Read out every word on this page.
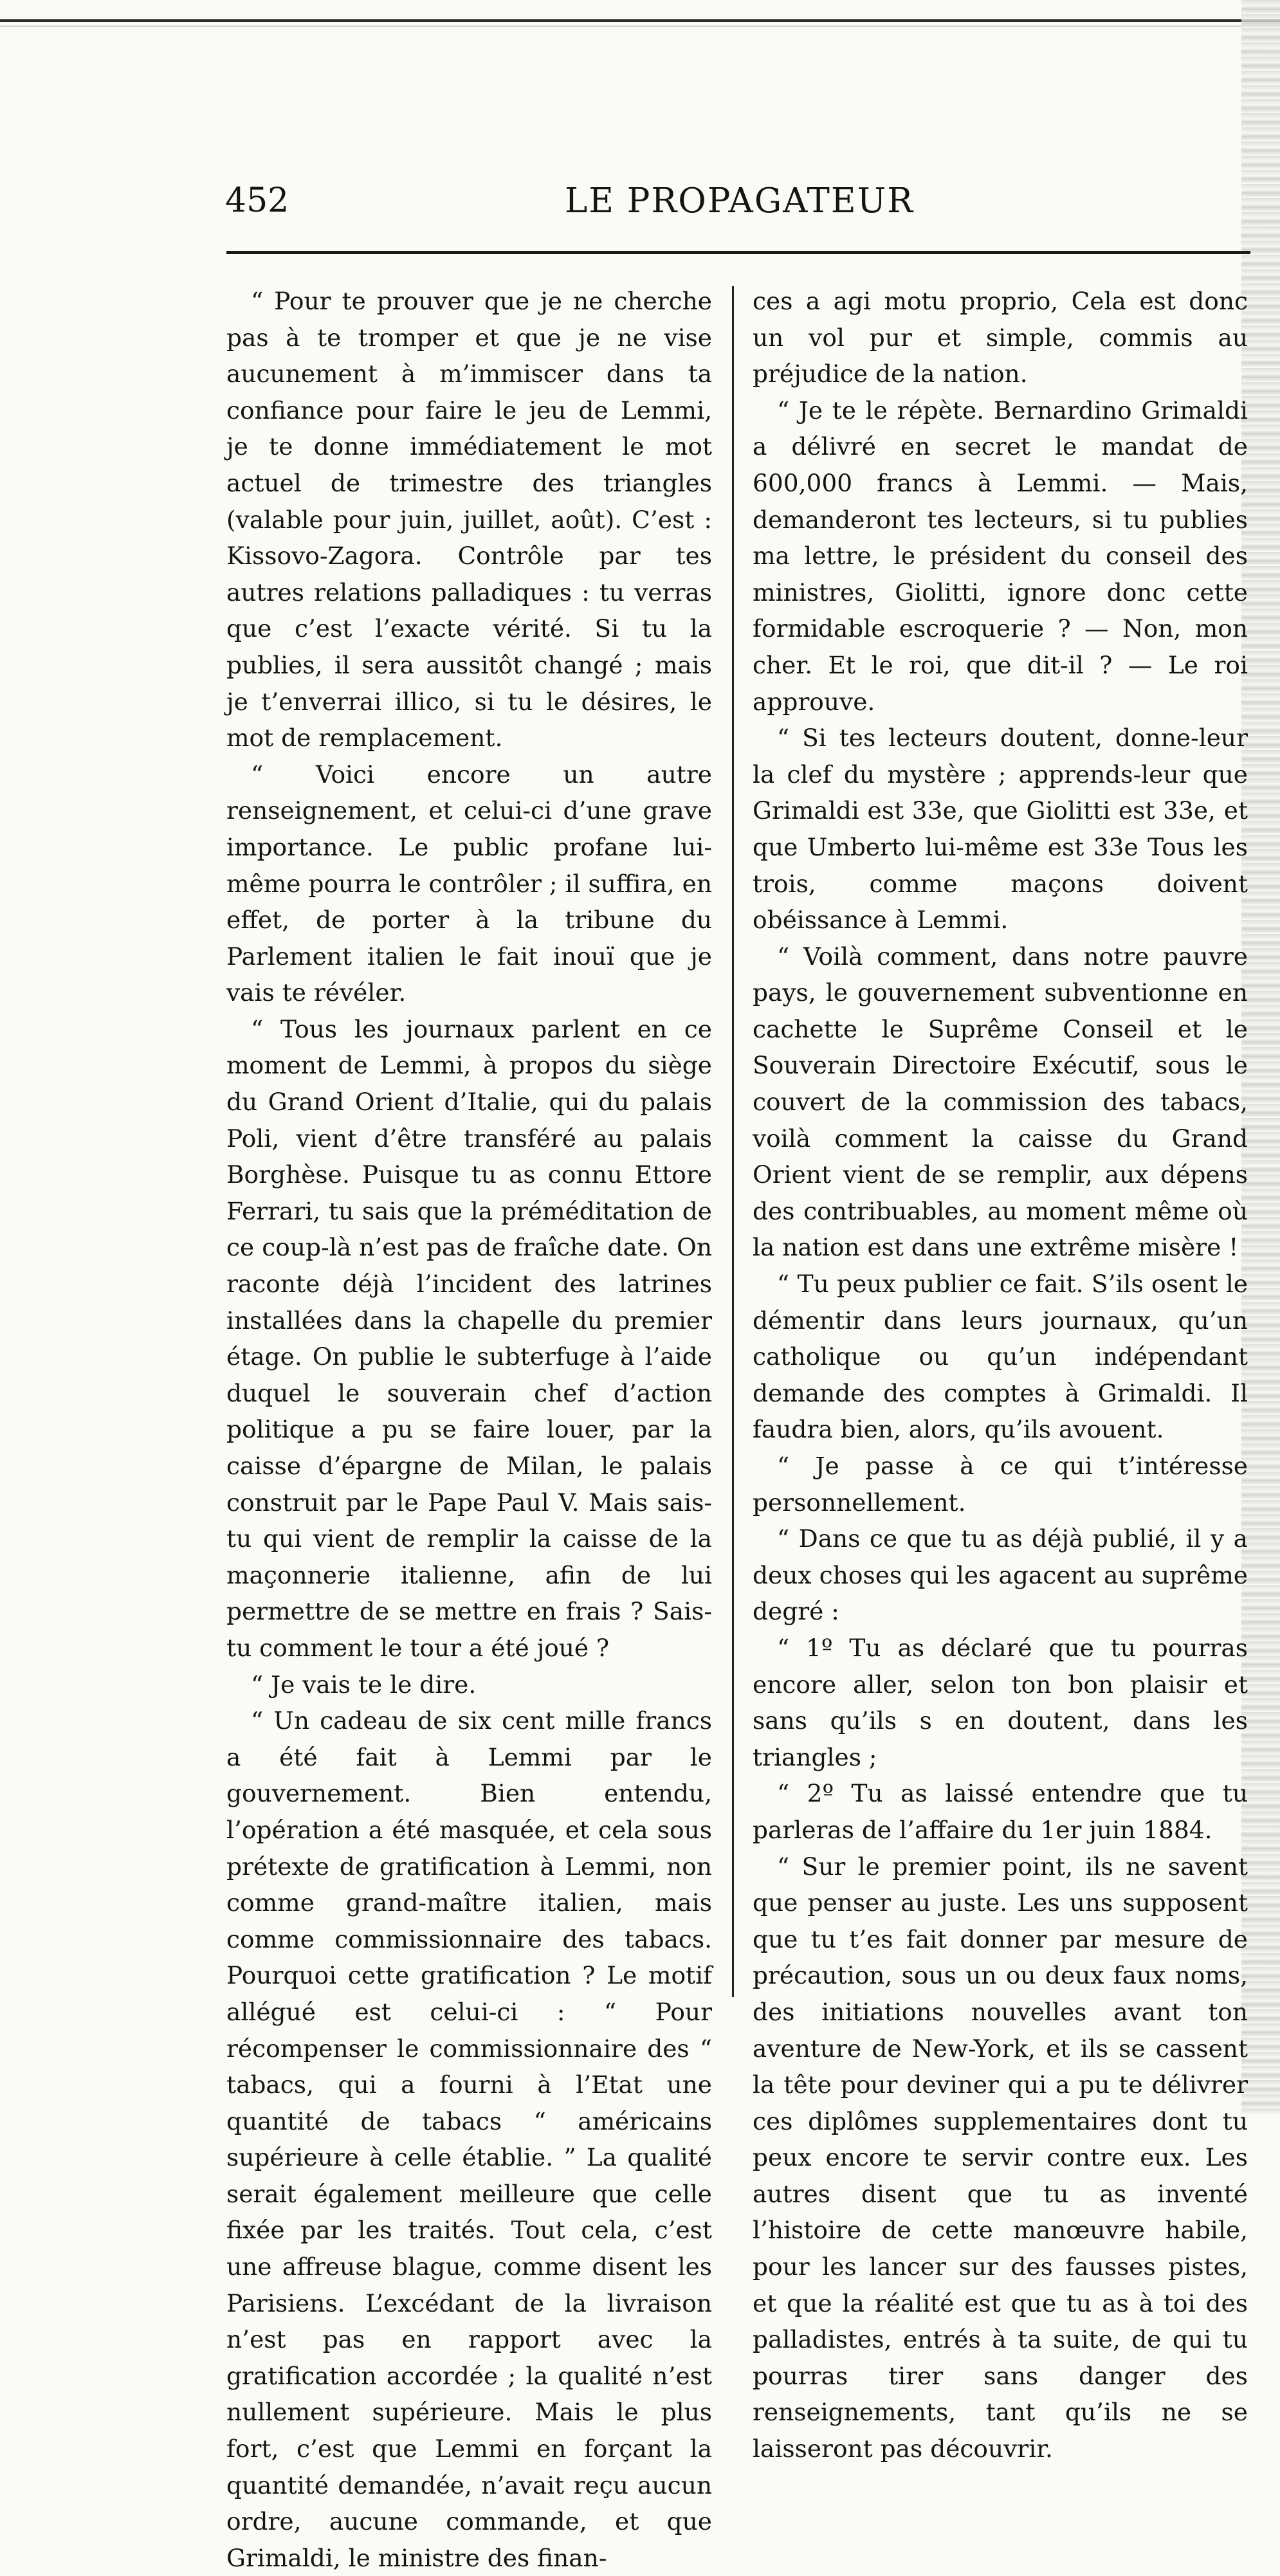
452	LE PROPAGATEUR

“ Pour te prouver que je ne cherche pas à te tromper et que je ne vise aucunement à m’immiscer dans ta confiance pour faire le jeu de Lemmi, je te donne immédiatement le mot actuel de trimestre des triangles (valable pour juin, juillet, août). C’est : Kissovo-Zagora. Contrôle par tes autres relations palladiques : tu verras que c’est l’exacte vérité. Si tu la publies, il sera aussitôt changé ; mais je t’enverrai illico, si tu le désires, le mot de remplacement.

“ Voici encore un autre renseignement, et celui-ci d’une grave importance. Le public profane lui-même pourra le contrôler ; il suffira, en effet, de porter à la tribune du Parlement italien le fait inouï que je vais te révéler.

“ Tous les journaux parlent en ce moment de Lemmi, à propos du siège du Grand Orient d’Italie, qui du palais Poli, vient d’être transféré au palais Borghèse. Puisque tu as connu Ettore Ferrari, tu sais que la préméditation de ce coup-là n’est pas de fraîche date. On raconte déjà l’incident des latrines installées dans la chapelle du premier étage. On publie le subterfuge à l’aide duquel le souverain chef d’action politique a pu se faire louer, par la caisse d’épargne de Milan, le palais construit par le Pape Paul V. Mais sais-tu qui vient de remplir la caisse de la maçonnerie italienne, afin de lui permettre de se mettre en frais ? Sais-tu comment le tour a été joué ?

“ Je vais te le dire.

“ Un cadeau de six cent mille francs a été fait à Lemmi par le gouvernement. Bien entendu, l’opération a été masquée, et cela sous prétexte de gratification à Lemmi, non comme grand-maître italien, mais comme commissionnaire des tabacs. Pourquoi cette gratification ? Le motif allégué est celui-ci : “ Pour récompenser le commissionnaire des “ tabacs, qui a fourni à l’Etat une quantité de tabacs “ américains supérieure à celle établie. ” La qualité serait également meilleure que celle fixée par les traités. Tout cela, c’est une affreuse blague, comme disent les Parisiens. L’excédant de la livraison n’est pas en rapport avec la gratification accordée ; la qualité n’est nullement supérieure. Mais le plus fort, c’est que Lemmi en forçant la quantité demandée, n’avait reçu aucun ordre, aucune commande, et que Grimaldi, le ministre des finan-

ces a agi motu proprio, Cela est donc un vol pur et simple, commis au préjudice de la nation.

“ Je te le répète. Bernardino Grimaldi a délivré en secret le mandat de 600,000 francs à Lemmi. — Mais, demanderont tes lecteurs, si tu publies ma lettre, le président du conseil des ministres, Giolitti, ignore donc cette formidable escroquerie ? — Non, mon cher. Et le roi, que dit-il ? — Le roi approuve.

“ Si tes lecteurs doutent, donne-leur la clef du mystère ; apprends-leur que Grimaldi est 33e, que Giolitti est 33e, et que Umberto lui-même est 33e Tous les trois, comme maçons doivent obéissance à Lemmi.

“ Voilà comment, dans notre pauvre pays, le gouvernement subventionne en cachette le Suprême Conseil et le Souverain Directoire Exécutif, sous le couvert de la commission des tabacs, voilà comment la caisse du Grand Orient vient de se remplir, aux dépens des contribuables, au moment même où la nation est dans une extrême misère !

“ Tu peux publier ce fait. S’ils osent le démentir dans leurs journaux, qu’un catholique ou qu’un indépendant demande des comptes à Grimaldi. Il faudra bien, alors, qu’ils avouent.

“ Je passe à ce qui t’intéresse personnellement.

“ Dans ce que tu as déjà publié, il y a deux choses qui les agacent au suprême degré :

“ 1º Tu as déclaré que tu pourras encore aller, selon ton bon plaisir et sans qu’ils s en doutent, dans les triangles ;

“ 2º Tu as laissé entendre que tu parleras de l’affaire du 1er juin 1884.

“ Sur le premier point, ils ne savent que penser au juste. Les uns supposent que tu t’es fait donner par mesure de précaution, sous un ou deux faux noms, des initiations nouvelles avant ton aventure de New-York, et ils se cassent la tête pour deviner qui a pu te délivrer ces diplômes supplementaires dont tu peux encore te servir contre eux. Les autres disent que tu as inventé l’histoire de cette manœuvre habile, pour les lancer sur des fausses pistes, et que la réalité est que tu as à toi des palladistes, entrés à ta suite, de qui tu pourras tirer sans danger des renseignements, tant qu’ils ne se laisseront pas découvrir.
